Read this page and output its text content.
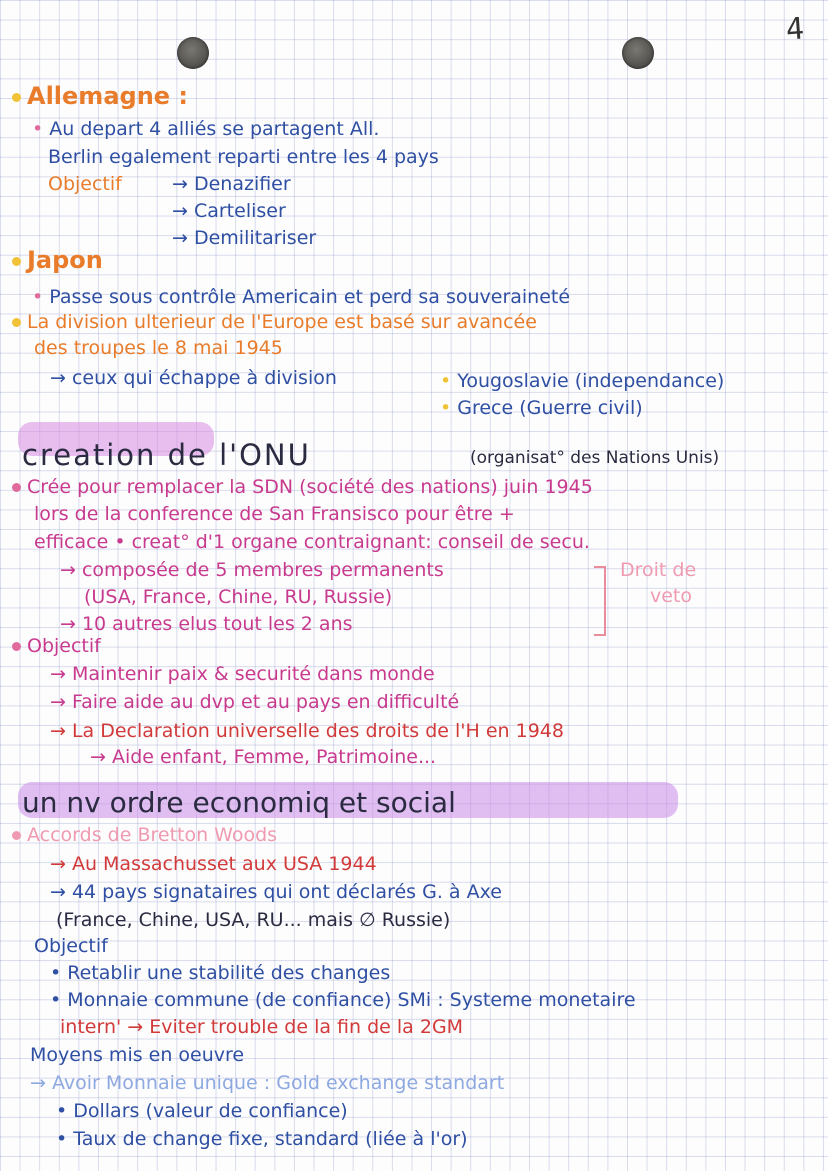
4
Allemagne :
• Au depart 4 alliés se partagent All.
Berlin egalement reparti entre les 4 pays
Objectif	→ Denazifier
→ Carteliser
→ Demilitariser
Japon
• Passe sous contrôle Americain et perd sa souveraineté
La division ulterieur de l'Europe est basé sur avancée
des troupes le 8 mai 1945
→ ceux qui échappe à division	• Yougoslavie (independance)
• Grece (Guerre civil)
creation de l'ONU	(organisat° des Nations Unis)
Crée pour remplacer la SDN (société des nations) juin 1945
lors de la conference de San Fransisco pour être +
efficace • creat° d'1 organe contraignant: conseil de secu.
→ composée de 5 membres permanents	Droit de
veto
(USA, France, Chine, RU, Russie)
→ 10 autres elus tout les 2 ans
Objectif
→ Maintenir paix & securité dans monde
→ Faire aide au dvp et au pays en difficulté
→ La Declaration universelle des droits de l'H en 1948
→ Aide enfant, Femme, Patrimoine...
un nv ordre economiq et social
Accords de Bretton Woods
→ Au Massachusset aux USA 1944
→ 44 pays signataires qui ont déclarés G. à Axe
(France, Chine, USA, RU... mais ∅ Russie)
Objectif
• Retablir une stabilité des changes
• Monnaie commune (de confiance) SMi : Systeme monetaire
intern' → Eviter trouble de la fin de la 2GM
Moyens mis en oeuvre
→ Avoir Monnaie unique : Gold exchange standart
• Dollars (valeur de confiance)
• Taux de change fixe, standard (liée à l'or)
